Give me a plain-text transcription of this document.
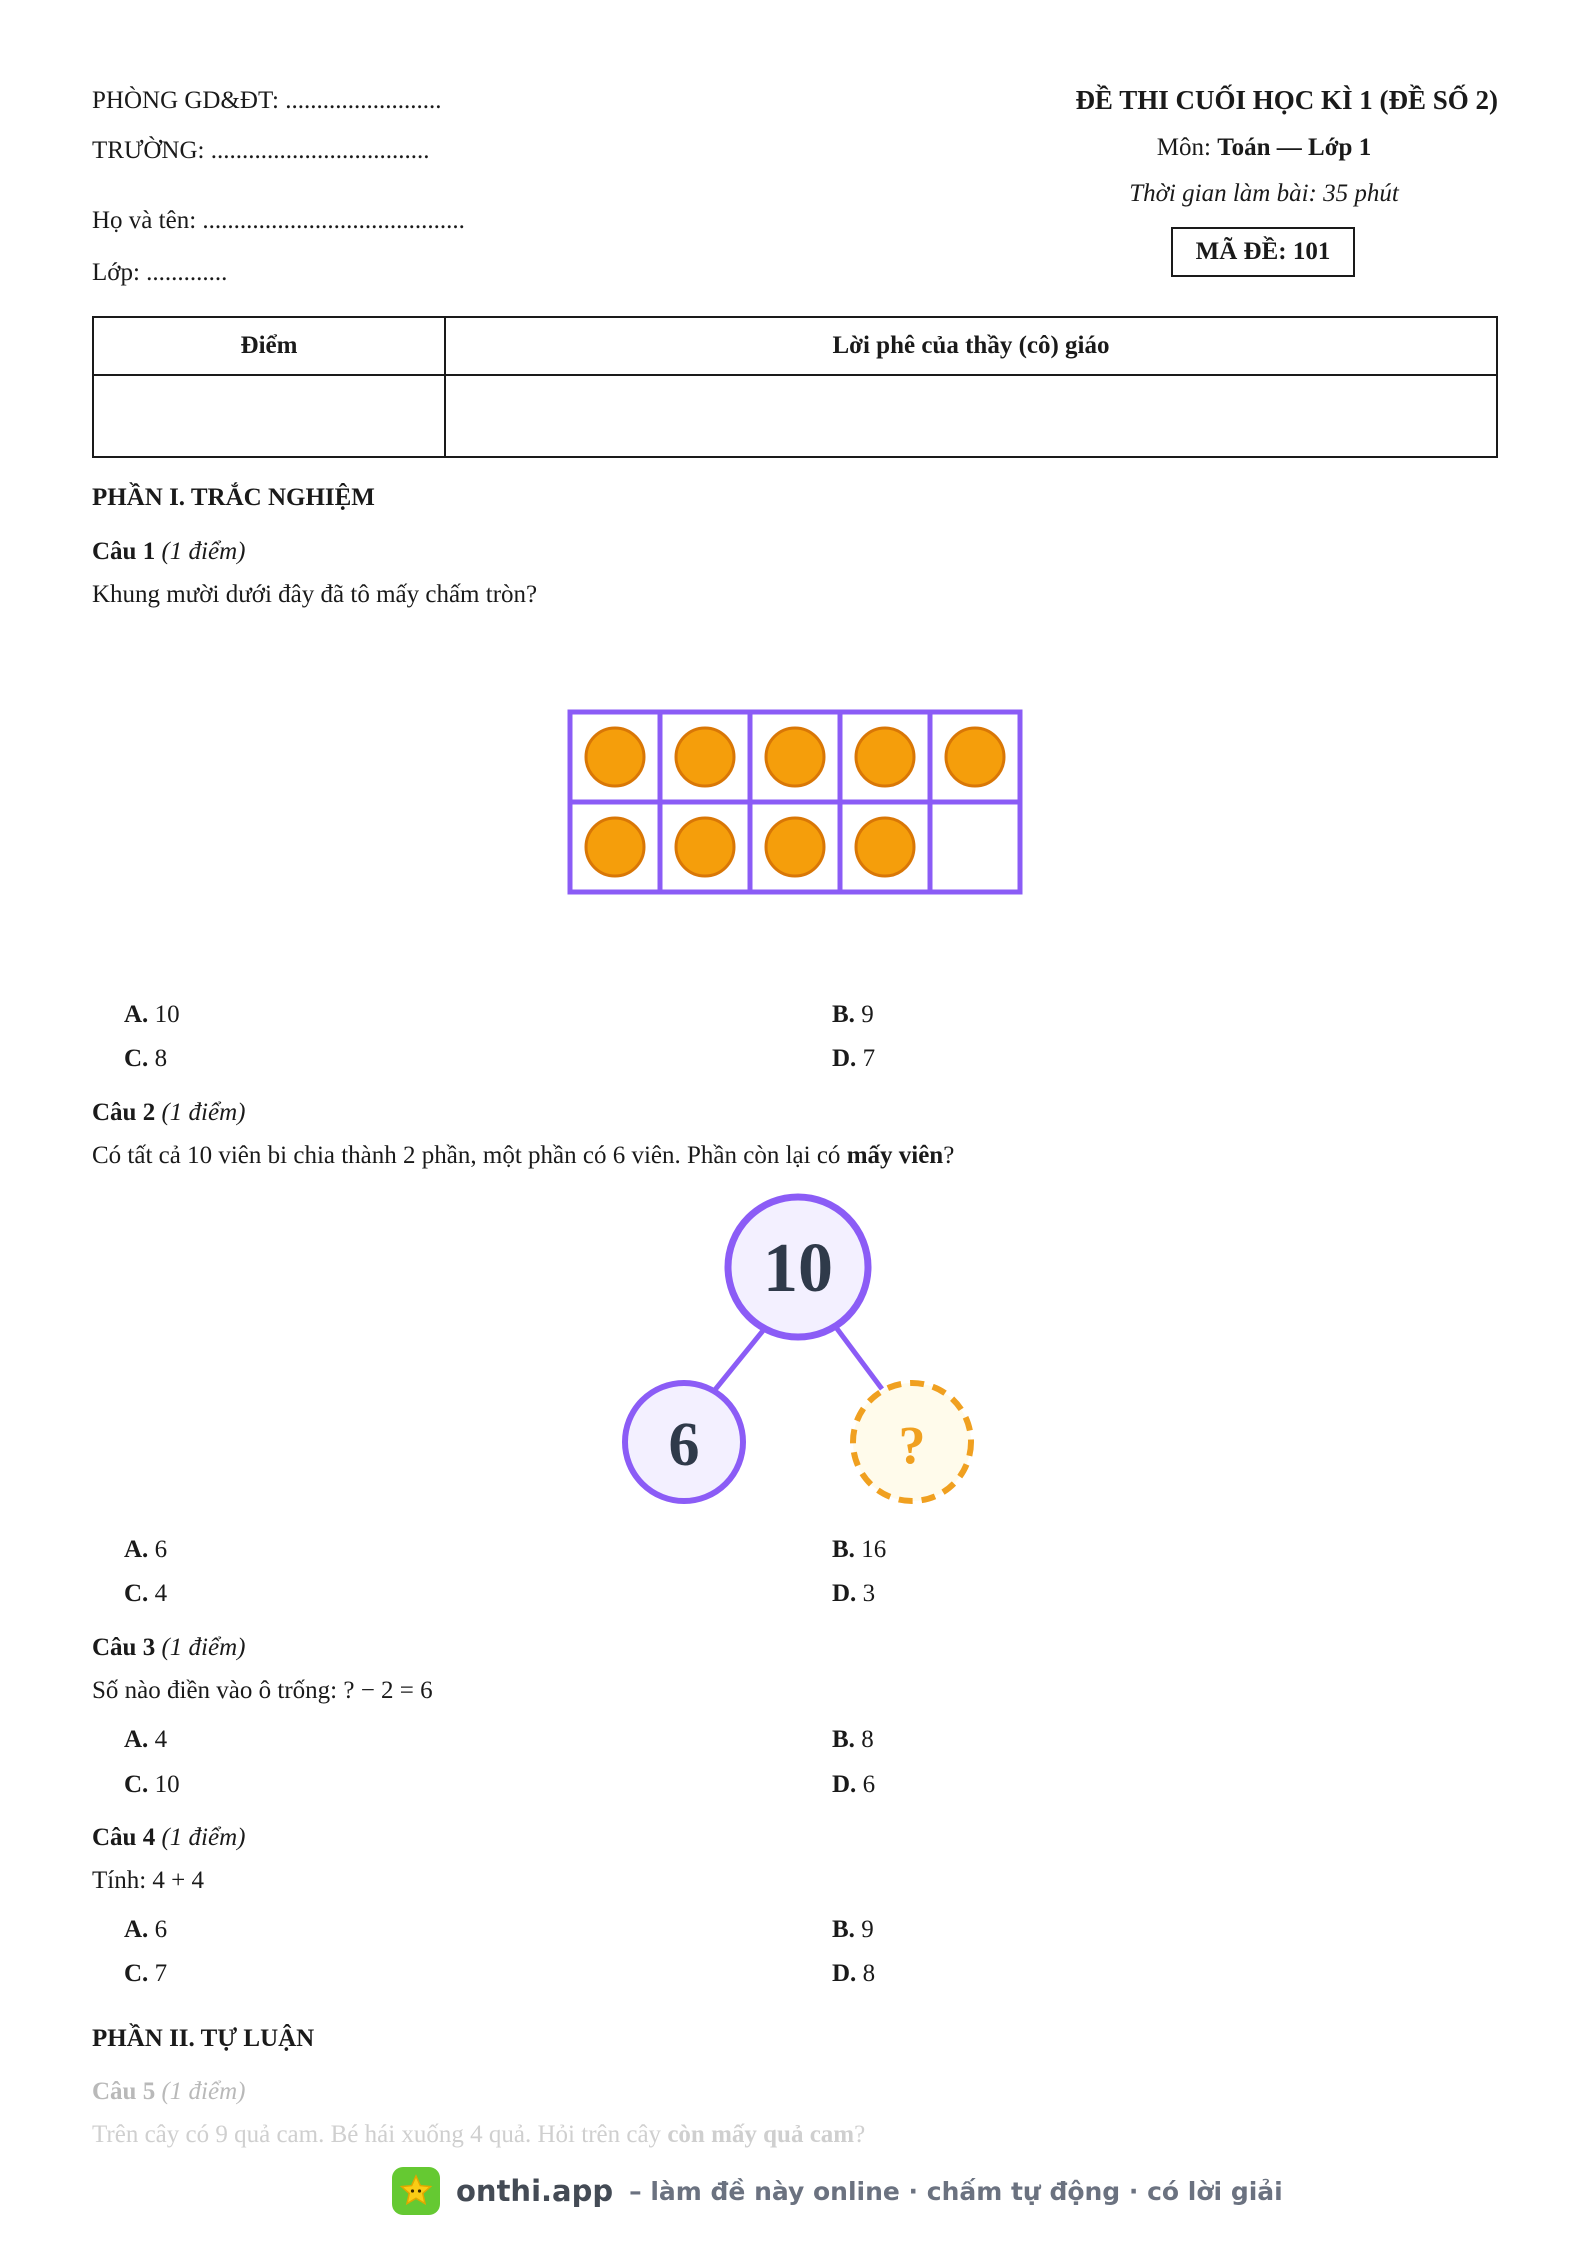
PHÒNG GD&ĐT: .........................
TRƯỜNG: ...................................
Họ và tên: ..........................................
Lớp: .............
ĐỀ THI CUỐI HỌC KÌ 1 (ĐỀ SỐ 2)
Môn: Toán — Lớp 1
Thời gian làm bài: 35 phút
MÃ ĐỀ: 101
Điểm	Lời phê của thầy (cô) giáo

PHẦN I. TRẮC NGHIỆM
Câu 1 (1 điểm)
Khung mười dưới đây đã tô mấy chấm tròn?
A. 10	B. 9
C. 8	D. 7
Câu 2 (1 điểm)
Có tất cả 10 viên bi chia thành 2 phần, một phần có 6 viên. Phần còn lại có mấy viên?
10
6	?
A. 6	B. 16
C. 4	D. 3
Câu 3 (1 điểm)
Số nào điền vào ô trống: ? − 2 = 6
A. 4	B. 8
C. 10	D. 6
Câu 4 (1 điểm)
Tính: 4 + 4
A. 6	B. 9
C. 7	D. 8
PHẦN II. TỰ LUẬN
Câu 5 (1 điểm)
Trên cây có 9 quả cam. Bé hái xuống 4 quả. Hỏi trên cây còn mấy quả cam?
onthi.app – làm đề này online · chấm tự động · có lời giải
